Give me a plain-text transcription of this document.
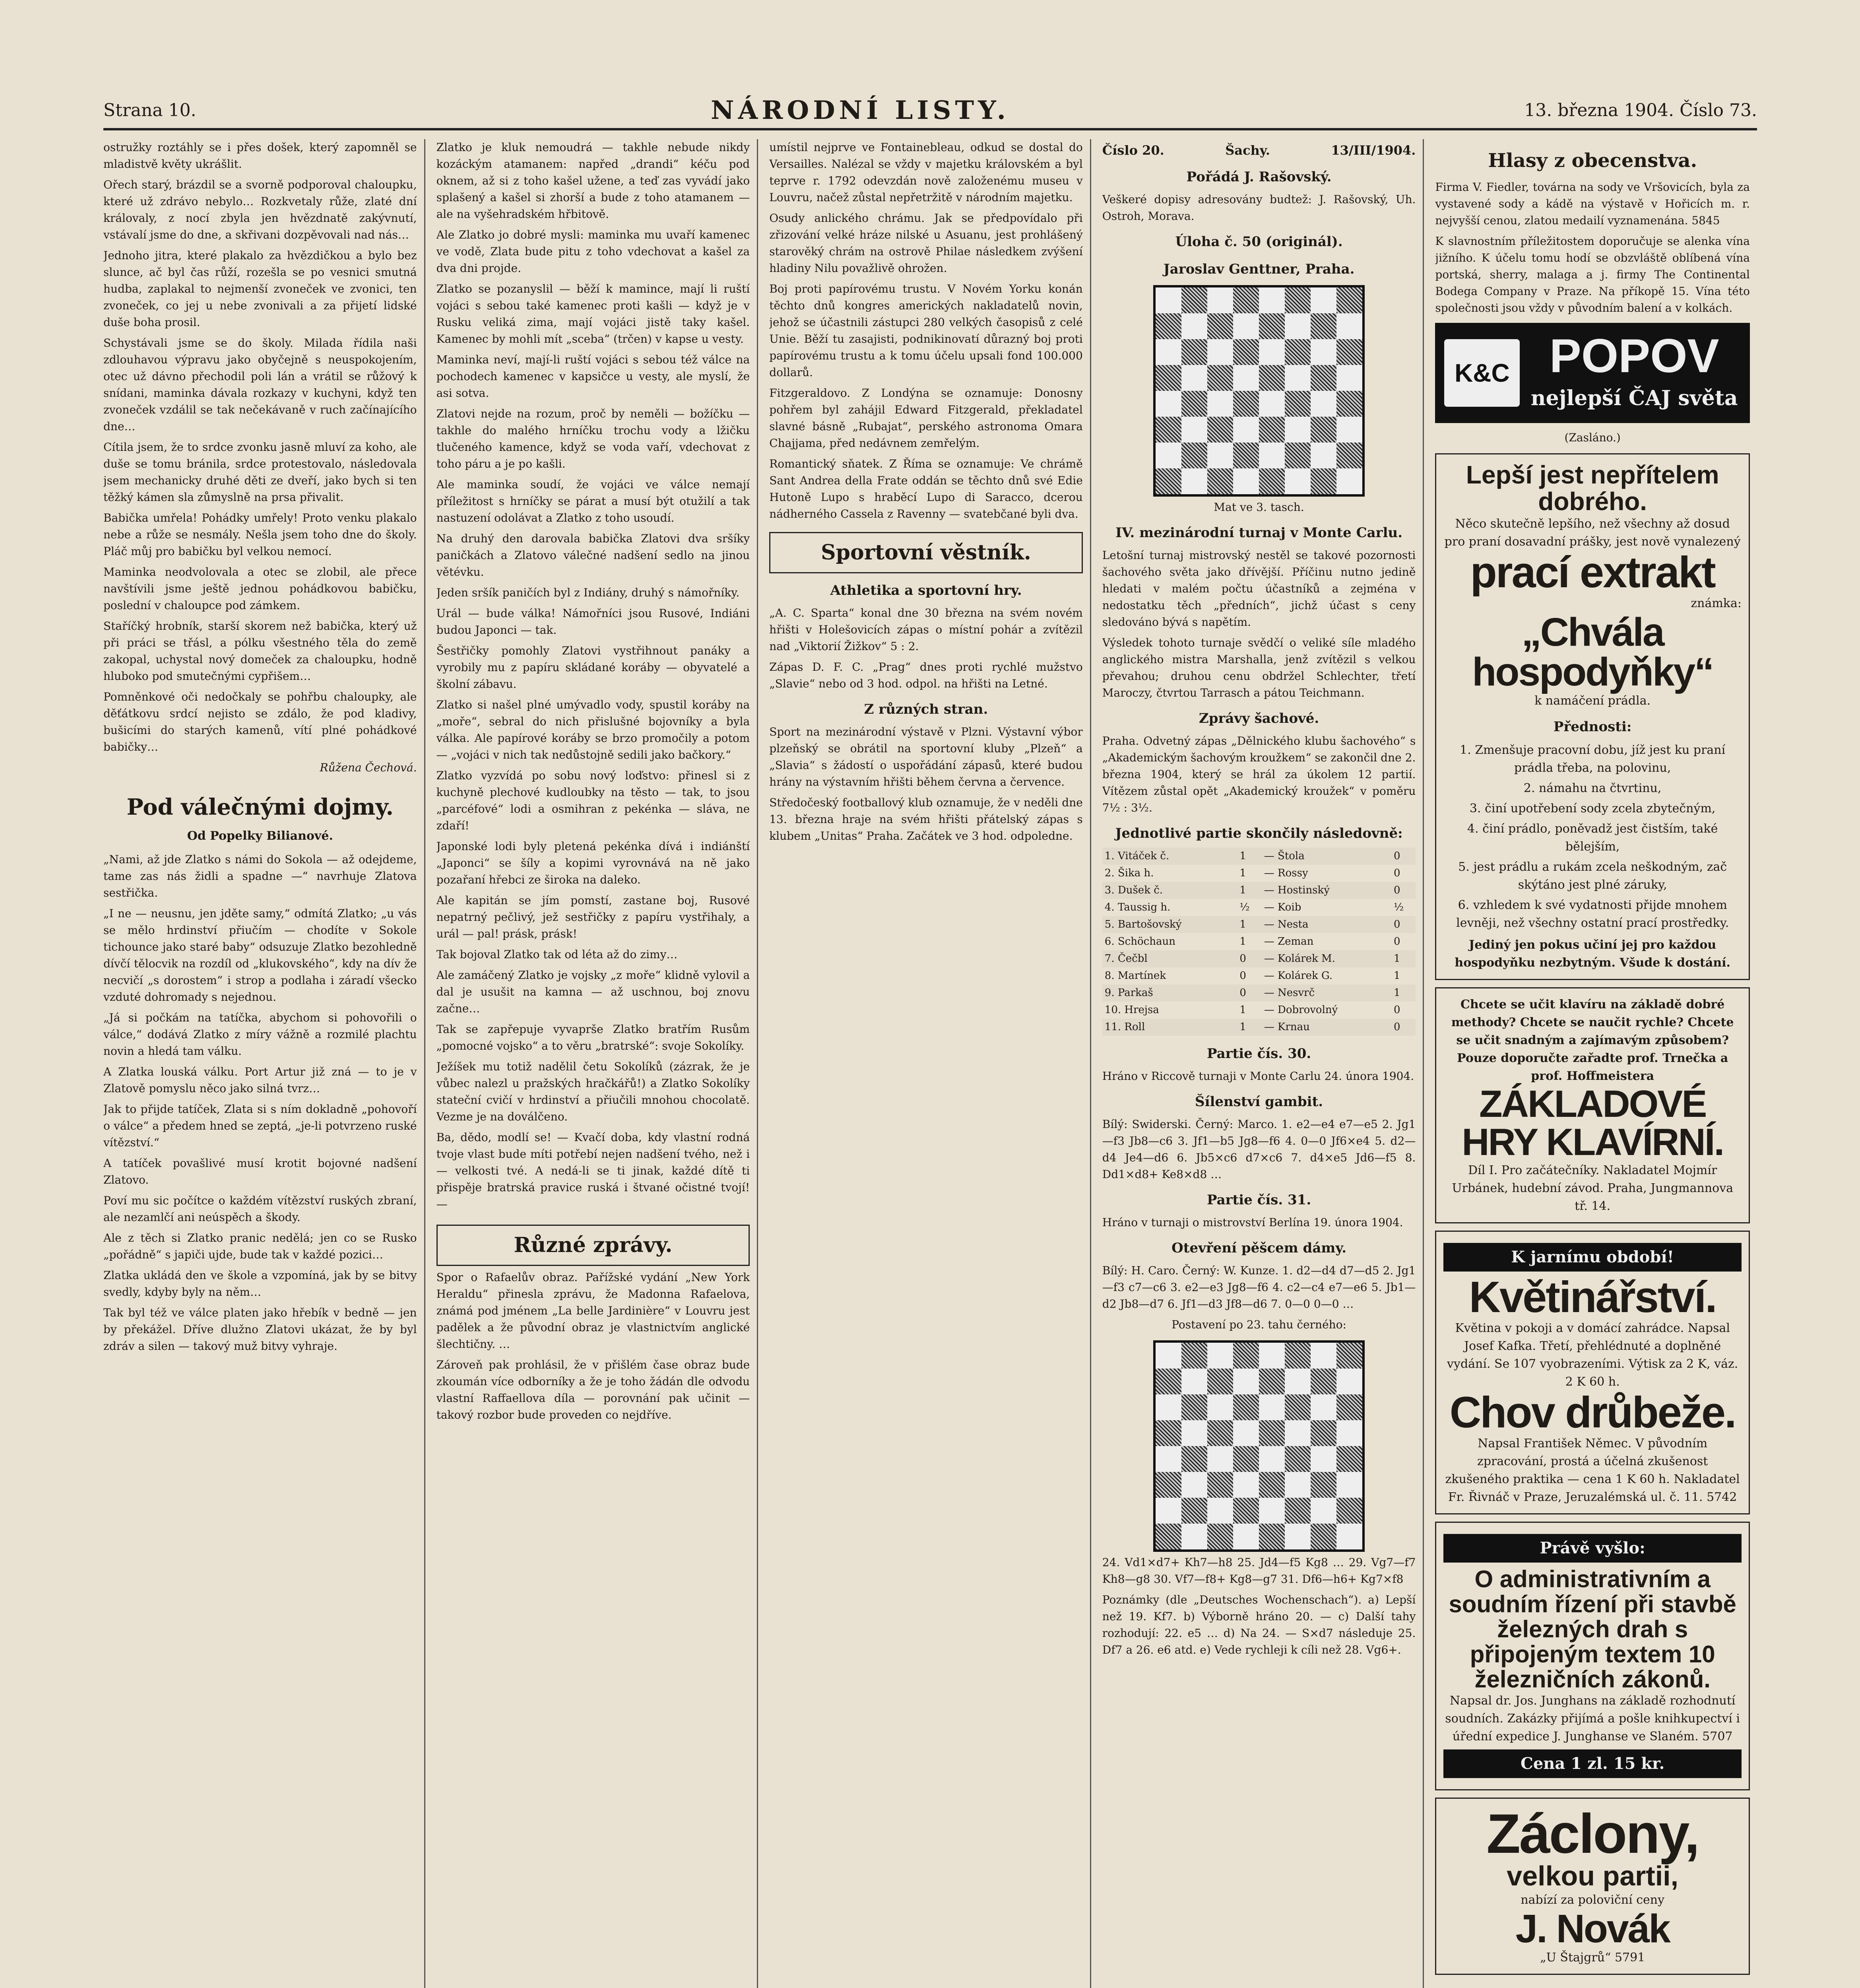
Strana 10.	NÁRODNÍ LISTY.	13. března 1904. Číslo 73.

ostružky roztáhly se i přes došek, který zapomněl se mladistvě květy ukrášlit.

Ořech starý, brázdil se a svorně podporoval chaloupku, které už zdrávo nebylo… Rozkvetaly růže, zlaté dní královaly, z nocí zbyla jen hvězdnatě zakývnutí, vstávalí jsme do dne, a skřivani dozpěvovali nad nás…

Jednoho jitra, které plakalo za hvězdičkou a bylo bez slunce, ač byl čas růží, rozešla se po vesnici smutná hudba, zaplakal to nejmenší zvoneček ve zvonici, ten zvoneček, co jej u nebe zvonivali a za přijetí lidské duše boha prosil.

Schystávali jsme se do školy. Milada řídila naši zdlouhavou výpravu jako obyčejně s neuspokojením, otec už dávno přechodil poli lán a vrátil se růžový k snídani, maminka dávala rozkazy v kuchyni, když ten zvoneček vzdálil se tak nečekávaně v ruch začínajícího dne…

Cítila jsem, že to srdce zvonku jasně mluví za koho, ale duše se tomu bránila, srdce protestovalo, následovala jsem mechanicky druhé děti ze dveří, jako bych si ten těžký kámen sla zůmyslně na prsa přivalit.

Babička umřela! Pohádky umřely! Proto venku plakalo nebe a růže se nesmály. Nešla jsem toho dne do školy. Pláč můj pro babičku byl velkou nemocí.

Maminka neodvolovala a otec se zlobil, ale přece navštívili jsme ještě jednou pohádkovou babičku, poslední v chaloupce pod zámkem.

Staříčký hrobník, starší skorem než babička, který už při práci se třásl, a pólku všestného těla do země zakopal, uchystal nový domeček za chaloupku, hodně hluboko pod smutečnými cypřišem…

Pomněnkové oči nedočkaly se pohřbu chaloupky, ale děťátkovu srdcí nejisto se zdálo, že pod kladivy, bušicími do starých kamenů, vítí plné pohádkové babičky…

Růžena Čechová.
Pod válečnými dojmy.
Od Popelky Bilianové.

„Nami, až jde Zlatko s námi do Sokola — až odejdeme, tame zas nás židli a spadne —“ navrhuje Zlatova sestřička.

„I ne — neusnu, jen jděte samy,“ odmítá Zlatko; „u vás se mělo hrdinství přiučím — chodíte v Sokole tichounce jako staré baby“ odsuzuje Zlatko bezohledně dívčí tělocvik na rozdíl od „klukovského“, kdy na dív že necvičí „s dorostem“ i strop a podlaha i záradí všecko vzduté dohromady s nejednou.

„Já si počkám na tatíčka, abychom si pohovořili o válce,“ dodává Zlatko z míry vážně a rozmilé plachtu novin a hledá tam válku.

A Zlatka louská válku. Port Artur již zná — to je v Zlatově pomyslu něco jako silná tvrz…

Jak to přijde tatíček, Zlata si s ním dokladně „pohovoří o válce“ a předem hned se zeptá, „je-li potvrzeno ruské vítězství.“

A tatíček povašlivé musí krotit bojovné nadšení Zlatovo.

Poví mu sic počítce o každém vítězství ruských zbraní, ale nezamlčí ani neúspěch a škody.

Ale z těch si Zlatko pranic nedělá; jen co se Rusko „pořádně“ s japiči ujde, bude tak v každé pozici…

Zlatka ukládá den ve škole a vzpomíná, jak by se bitvy svedly, kdyby byly na něm…

Tak byl též ve válce platen jako hřebík v bedně — jen by překážel. Dříve dlužno Zlatovi ukázat, že by byl zdráv a silen — takový muž bitvy vyhraje.

Zlatko je kluk nemoudrá — takhle nebude nikdy kozáckým atamanem: napřed „drandi“ kéču pod oknem, až si z toho kašel užene, a teď zas vyvádí jako splašený a kašel si zhorší a bude z toho atamanem — ale na vyšehradském hřbitově.

Ale Zlatko jo dobré mysli: maminka mu uvaří kamenec ve vodě, Zlata bude pitu z toho vdechovat a kašel za dva dni projde.

Zlatko se pozanyslil — běží k mamince, mají li ruští vojáci s sebou také kamenec proti kašli — když je v Rusku veliká zima, mají vojáci jistě taky kašel. Kamenec by mohli mít „sceba“ (trčen) v kapse u vesty.

Maminka neví, mají-li ruští vojáci s sebou též válce na pochodech kamenec v kapsičce u vesty, ale myslí, že asi sotva.

Zlatovi nejde na rozum, proč by neměli — božíčku — takhle do malého hrníčku trochu vody a lžičku tlučeného kamence, když se voda vaří, vdechovat z toho páru a je po kašli.

Ale maminka soudí, že vojáci ve válce nemají příležitost s hrníčky se párat a musí být otužilí a tak nastuzení odolávat a Zlatko z toho usoudí.

Na druhý den darovala babička Zlatovi dva sršíky paničkách a Zlatovo válečné nadšení sedlo na jinou větévku.

Jeden sršík paničích byl z Indiány, druhý s námořníky.

Urál — bude válka! Námořníci jsou Rusové, Indiáni budou Japonci — tak.

Šestřičky pomohly Zlatovi vystřihnout panáky a vyrobily mu z papíru skládané koráby — obyvatelé a školní zábavu.

Zlatko si našel plné umývadlo vody, spustil koráby na „moře“, sebral do nich přislušné bojovníky a byla válka. Ale papírové koráby se brzo promočily a potom — „vojáci v nich tak nedůstojně sedili jako bačkory.“

Zlatko vyzvídá po sobu nový loďstvo: přinesl si z kuchyně plechové kudloubky na těsto — tak, to jsou „parcéfové“ lodi a osmihran z pekénka — sláva, ne zdaří!

Japonské lodi byly pletená pekénka dívá i indiánští „Japonci“ se šíly a kopimi vyrovnává na ně jako pozařaní hřebci ze široka na daleko.

Ale kapitán se jím pomstí, zastane boj, Rusové nepatrný pečlivý, jež sestřičky z papíru vystřihaly, a urál — pal! prásk, prásk!

Tak bojoval Zlatko tak od léta až do zimy…

Ale zamáčený Zlatko je vojsky „z moře“ klidně vylovil a dal je usušit na kamna — až uschnou, boj znovu začne…

Tak se zapřepuje vyvaprše Zlatko bratřím Rusům „pomocné vojsko“ a to věru „bratrské“: svoje Sokolíky.

Ježíšek mu totiž nadělil četu Sokolíků (zázrak, že je vůbec nalezl u pražských hračkářů!) a Zlatko Sokolíky stateční cvičí v hrdinství a přiučili mnohou chocolatě. Vezme je na doválčeno.

Ba, dědo, modlí se! — Kvačí doba, kdy vlastní rodná tvoje vlast bude míti potřebí nejen nadšení tvého, než i — velkosti tvé. A nedá-li se ti jinak, každé dítě ti přispěje bratrská pravice ruská i štvané očistné tvojí! —

Různé zprávy.

Spor o Rafaelův obraz. Pařížské vydání „New York Heraldu“ přinesla zprávu, že Madonna Rafaelova, známá pod jménem „La belle Jardinière“ v Louvru jest padělek a že původní obraz je vlastnictvím anglické šlechtičny. …

Zároveň pak prohlásil, že v přišlém čase obraz bude zkoumán více odborníky a že je toho žádán dle odvodu vlastní Raffaellova díla — porovnání pak učinit — takový rozbor bude proveden co nejdříve.

umístil nejprve ve Fontainebleau, odkud se dostal do Versailles. Nalézal se vždy v majetku královském a byl teprve r. 1792 odevzdán nově založenému museu v Louvru, načež zůstal nepřetržitě v národním majetku.

Osudy anlického chrámu. Jak se předpovídalo při zřizování velké hráze nilské u Asuanu, jest prohlášený starověký chrám na ostrově Philae následkem zvýšení hladiny Nilu považlivě ohrožen.

Boj proti papírovému trustu. V Novém Yorku konán těchto dnů kongres amerických nakladatelů novin, jehož se účastnili zástupci 280 velkých časopisů z celé Unie. Běží tu zasajisti, podnikinovatí důrazný boj proti papírovému trustu a k tomu účelu upsali fond 100.000 dollarů.

Fitzgeraldovo. Z Londýna se oznamuje: Donosny pohřem byl zahájil Edward Fitzgerald, překladatel slavné básně „Rubajat“, perského astronoma Omara Chajjama, před nedávnem zemřelým.

Romantický sňatek. Z Říma se oznamuje: Ve chrámě Sant Andrea della Frate oddán se těchto dnů své Edie Hutoně Lupo s hraběcí Lupo di Saracco, dcerou nádherného Cassela z Ravenny — svatebčané byli dva.

Sportovní věstník.
Athletika a sportovní hry.

„A. C. Sparta“ konal dne 30 března na svém novém hřišti v Holešovicích zápas o místní pohár a zvítězil nad „Viktorií Žižkov“ 5 : 2.

Zápas D. F. C. „Prag“ dnes proti rychlé mužstvo „Slavie“ nebo od 3 hod. odpol. na hřišti na Letné.

Z různých stran.

Sport na mezinárodní výstavě v Plzni. Výstavní výbor plzeňský se obrátil na sportovní kluby „Plzeň“ a „Slavia“ s žádostí o uspořádání zápasů, které budou hrány na výstavním hřišti během června a července.

Středočeský footballový klub oznamuje, že v neděli dne 13. března hraje na svém hřišti přátelský zápas s klubem „Unitas“ Praha. Začátek ve 3 hod. odpoledne.

Číslo 20.	Šachy.	13/III/1904.
Pořádá J. Rašovský.

Veškeré dopisy adresovány budtež: J. Rašovský, Uh. Ostroh, Morava.

Úloha č. 50 (originál).
Jaroslav Genttner, Praha.
Mat ve 3. tasch.
IV. mezinárodní turnaj v Monte Carlu.

Letošní turnaj mistrovský nestěl se takové pozornosti šachového světa jako dřívější. Příčinu nutno jedině hledati v malém počtu účastníků a zejména v nedostatku těch „předních“, jichž účast s ceny sledováno bývá s napětím.

Výsledek tohoto turnaje svědčí o veliké síle mladého anglického mistra Marshalla, jenž zvítězil s velkou převahou; druhou cenu obdržel Schlechter, třetí Maroczy, čtvrtou Tarrasch a pátou Teichmann.

Zprávy šachové.

Praha. Odvetný zápas „Dělnického klubu šachového“ s „Akademickým šachovým kroužkem“ se zakončil dne 2. března 1904, který se hrál za úkolem 12 partií. Vítězem zůstal opět „Akademický kroužek“ v poměru 7½ : 3½.

Jednotlivé partie skončily následovně:
1. Vitáček č.	1	— Štola	0
2. Šika h.	1	— Rossy	0
3. Dušek č.	1	— Hostinský	0
4. Taussig h.	½	— Koib	½
5. Bartošovský	1	— Nesta	0
6. Schöchaun	1	— Zeman	0
7. Čečbl	0	— Kolárek M.	1
8. Martínek	0	— Kolárek G.	1
9. Parkaš	0	— Nesvrč	1
10. Hrejsa	1	— Dobrovolný	0
11. Roll	1	— Krnau	0
Partie čís. 30.

Hráno v Riccově turnaji v Monte Carlu 24. února 1904.

Šílenství gambit.

Bílý: Swiderski. Černý: Marco. 1. e2—e4 e7—e5 2. Jg1—f3 Jb8—c6 3. Jf1—b5 Jg8—f6 4. 0—0 Jf6×e4 5. d2—d4 Je4—d6 6. Jb5×c6 d7×c6 7. d4×e5 Jd6—f5 8. Dd1×d8+ Ke8×d8 …

Partie čís. 31.

Hráno v turnaji o mistrovství Berlína 19. února 1904.

Otevření pěšcem dámy.

Bílý: H. Caro. Černý: W. Kunze. 1. d2—d4 d7—d5 2. Jg1—f3 c7—c6 3. e2—e3 Jg8—f6 4. c2—c4 e7—e6 5. Jb1—d2 Jb8—d7 6. Jf1—d3 Jf8—d6 7. 0—0 0—0 …

Postavení po 23. tahu černého:

24. Vd1×d7+ Kh7—h8 25. Jd4—f5 Kg8 … 29. Vg7—f7 Kh8—g8 30. Vf7—f8+ Kg8—g7 31. Df6—h6+ Kg7×f8

Poznámky (dle „Deutsches Wochenschach“). a) Lepší než 19. Kf7. b) Výborně hráno 20. — c) Další tahy rozhodují: 22. e5 … d) Na 24. — S×d7 následuje 25. Df7 a 26. e6 atd. e) Vede rychleji k cíli než 28. Vg6+.

Hlasy z obecenstva.

Firma V. Fiedler, továrna na sody ve Vršovicích, byla za vystavené sody a kádě na výstavě v Hořicích m. r. nejvyšší cenou, zlatou medailí vyznamenána. 5845

K slavnostním příležitostem doporučuje se alenka vína jižního. K účelu tomu hodí se obzvláště oblíbená vína portská, sherry, malaga a j. firmy The Continental Bodega Company v Praze. Na příkopě 15. Vína této společnosti jsou vždy v původním balení a v kolkách.

K&C POPOV
nejlepší ČAJ světa
(Zasláno.)
Lepší jest nepřítelem dobrého.
Něco skutečně lepšího, než všechny až dosud pro praní dosavadní prášky, jest nově vynalezený
prací extrakt
známka:
„Chvála hospodyňky“
k namáčení prádla.
Přednosti:
1. Zmenšuje pracovní dobu, jíž jest ku praní prádla třeba, na polovinu,
2. námahu na čtvrtinu,
3. činí upotřebení sody zcela zbytečným,
4. činí prádlo, poněvadž jest čistším, také bělejším,
5. jest prádlu a rukám zcela neškodným, zač skýtáno jest plné záruky,
6. vzhledem k své vydatnosti přijde mnohem levněji, než všechny ostatní prací prostředky.
Jediný jen pokus učiní jej pro každou hospodyňku nezbytným. Všude k dostání.
Chcete se učit klavíru na základě dobré methody? Chcete se naučit rychle? Chcete se učit snadným a zajímavým způsobem? Pouze doporučte zařadte prof. Trnečka a prof. Hoffmeistera
ZÁKLADOVÉ HRY KLAVÍRNÍ.
Díl I. Pro začátečníky. Nakladatel Mojmír Urbánek, hudební závod. Praha, Jungmannova tř. 14.
K jarnímu období!
Květinářství.
Květina v pokoji a v domácí zahrádce. Napsal Josef Kafka. Třetí, přehlédnuté a doplněné vydání. Se 107 vyobrazeními. Výtisk za 2 K, váz. 2 K 60 h.
Chov drůbeže.
Napsal František Němec. V původním zpracování, prostá a účelná zkušenost zkušeného praktika — cena 1 K 60 h. Nakladatel Fr. Řivnáč v Praze, Jeruzalémská ul. č. 11. 5742
Právě vyšlo:
O administrativním a soudním řízení při stavbě železných drah s připojeným textem 10 železničních zákonů.
Napsal dr. Jos. Junghans na základě rozhodnutí soudních. Zakázky přijímá a pošle knihkupectví i úřední expedice J. Junghanse ve Slaném. 5707
Cena 1 zl. 15 kr.
Záclony,
velkou partii,
nabízí za poloviční ceny
J. Novák
„U Štajgrů“ 5791
